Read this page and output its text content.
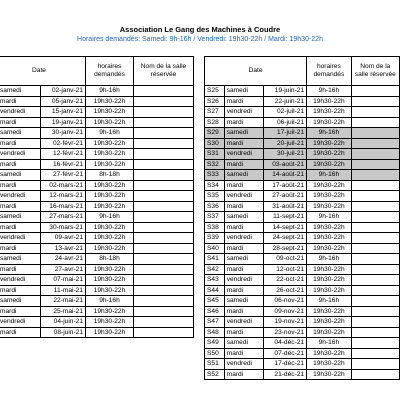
Association Le Gang des Machines à Coudre
Horaires demandés: Samedi: 9h-16h / Vendredi: 19h30-22h / Mardi: 19h30-22h
Date			horaires demandés	Nom de la salle réservée
	samedi	02-janv-21	9h-16h	
	mardi	05-janv-21	19h30-22h	
	vendredi	15-janv-21	19h30-22h	
	mardi	19-janv-21	19h30-22h	
	samedi	30-janv-21	9h-16h	
	mardi	02-févr-21	19h30-22h	
	vendredi	12-févr-21	19h30-22h	
	mardi	16-févr-21	19h30-22h	
	samedi	27-févr-21	8h-18h	
	mardi	02-mars-21	19h30-22h	
	vendredi	12-mars-21	19h30-22h	
	mardi	16-mars-21	19h30-22h	
	samedi	27-mars-21	9h-16h	
	mardi	30-mars-21	19h30-22h	
	vendredi	09-avr-21	19h30-22h	
	mardi	13-avr-21	19h30-22h	
	samedi	24-avr-21	8h-18h	
	mardi	27-avr-21	19h30-22h	
	vendredi	07-mai-21	19h30-22h	
	mardi	11-mai-21	19h30-22h	
	samedi	22-mai-21	9h-16h	
	mardi	25-mai-21	19h30-22h	
	vendredi	04-juin-21	19h30-22h	
	mardi	08-juin-21	19h30-22h	
Date			horaires demandés	Nom de la salle réservée
S25	samedi	19-juin-21	9h-16h	
S26	mardi	22-juin-21	19h30-22h	
S27	vendredi	02-juil-21	19h30-22h	
S28	mardi	06-juil-21	19h30-22h	
S29	samedi	17-juil-21	9h-16h	
S30	mardi	20-juil-21	19h30-22h	
S31	vendredi	30-juil-21	19h30-22h	
S32	mardi	03-août-21	19h30-22h	
S33	samedi	14-août-21	9h-16h	
S34	mardi	17-août-21	19h30-22h	
S35	vendredi	27-août-21	19h30-22h	
S36	mardi	31-août-21	19h30-22h	
S37	samedi	11-sept-21	9h-16h	
S38	mardi	14-sept-21	19h30-22h	
S39	vendredi	24-sept-21	19h30-22h	
S40	mardi	28-sept-21	19h30-22h	
S41	samedi	09-oct-21	9h-16h	
S42	mardi	12-oct-21	19h30-22h	
S43	vendredi	22-oct-21	19h30-22h	
S44	mardi	26-oct-21	19h30-22h	
S45	samedi	06-nov-21	9h-16h	
S46	mardi	09-nov-21	19h30-22h	
S47	vendredi	19-nov-21	19h30-22h	
S48	mardi	23-nov-21	19h30-22h	
S49	samedi	04-déc-21	9h-16h	
S50	mardi	07-déc-21	19h30-22h	
S51	vendredi	17-déc-21	19h30-22h	
S52	mardi	21-déc-21	19h30-22h	
